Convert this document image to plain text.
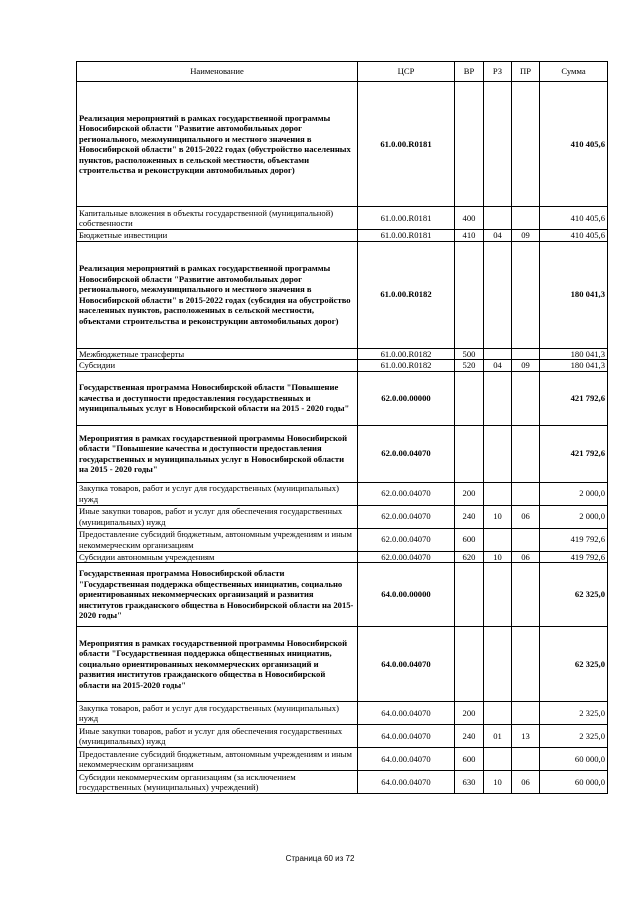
Наименование	ЦСР	ВР	РЗ	ПР	Сумма
Реализация мероприятий в рамках государственной программы Новосибирской области "Развитие автомобильных дорог регионального, межмуниципального и местного значения в Новосибирской области" в 2015-2022 годах (обустройство населенных пунктов, расположенных в сельской местности, объектами строительства и реконструкции автомобильных дорог)	61.0.00.R0181				410 405,6
Капитальные вложения в объекты государственной (муниципальной) собственности	61.0.00.R0181	400			410 405,6
Бюджетные инвестиции	61.0.00.R0181	410	04	09	410 405,6
Реализация мероприятий в рамках государственной программы Новосибирской области "Развитие автомобильных дорог регионального, межмуниципального и местного значения в Новосибирской области" в 2015-2022 годах (субсидия на обустройство населенных пунктов, расположенных в сельской местности, объектами строительства и реконструкции автомобильных дорог)	61.0.00.R0182				180 041,3
Межбюджетные трансферты	61.0.00.R0182	500			180 041,3
Субсидии	61.0.00.R0182	520	04	09	180 041,3
Государственная программа Новосибирской области "Повышение качества и доступности предоставления государственных и муниципальных услуг в Новосибирской области на 2015 - 2020 годы"	62.0.00.00000				421 792,6
Мероприятия в рамках государственной программы Новосибирской области "Повышение качества и доступности предоставления государственных и муниципальных услуг в Новосибирской области на 2015 - 2020 годы"	62.0.00.04070				421 792,6
Закупка товаров, работ и услуг для государственных (муниципальных) нужд	62.0.00.04070	200			2 000,0
Иные закупки товаров, работ и услуг для обеспечения государственных (муниципальных) нужд	62.0.00.04070	240	10	06	2 000,0
Предоставление субсидий бюджетным, автономным учреждениям и иным некоммерческим организациям	62.0.00.04070	600			419 792,6
Субсидии автономным учреждениям	62.0.00.04070	620	10	06	419 792,6
Государственная программа Новосибирской области "Государственная поддержка общественных инициатив, социально ориентированных некоммерческих организаций и развития институтов гражданского общества в Новосибирской области на 2015-2020 годы"	64.0.00.00000				62 325,0
Мероприятия в рамках государственной программы Новосибирской области "Государственная поддержка общественных инициатив, социально ориентированных некоммерческих организаций и развития институтов гражданского общества в Новосибирской области на 2015-2020 годы"	64.0.00.04070				62 325,0
Закупка товаров, работ и услуг для государственных (муниципальных) нужд	64.0.00.04070	200			2 325,0
Иные закупки товаров, работ и услуг для обеспечения государственных (муниципальных) нужд	64.0.00.04070	240	01	13	2 325,0
Предоставление субсидий бюджетным, автономным учреждениям и иным некоммерческим организациям	64.0.00.04070	600			60 000,0
Субсидии некоммерческим организациям (за исключением государственных (муниципальных) учреждений)	64.0.00.04070	630	10	06	60 000,0
Страница 60 из 72
